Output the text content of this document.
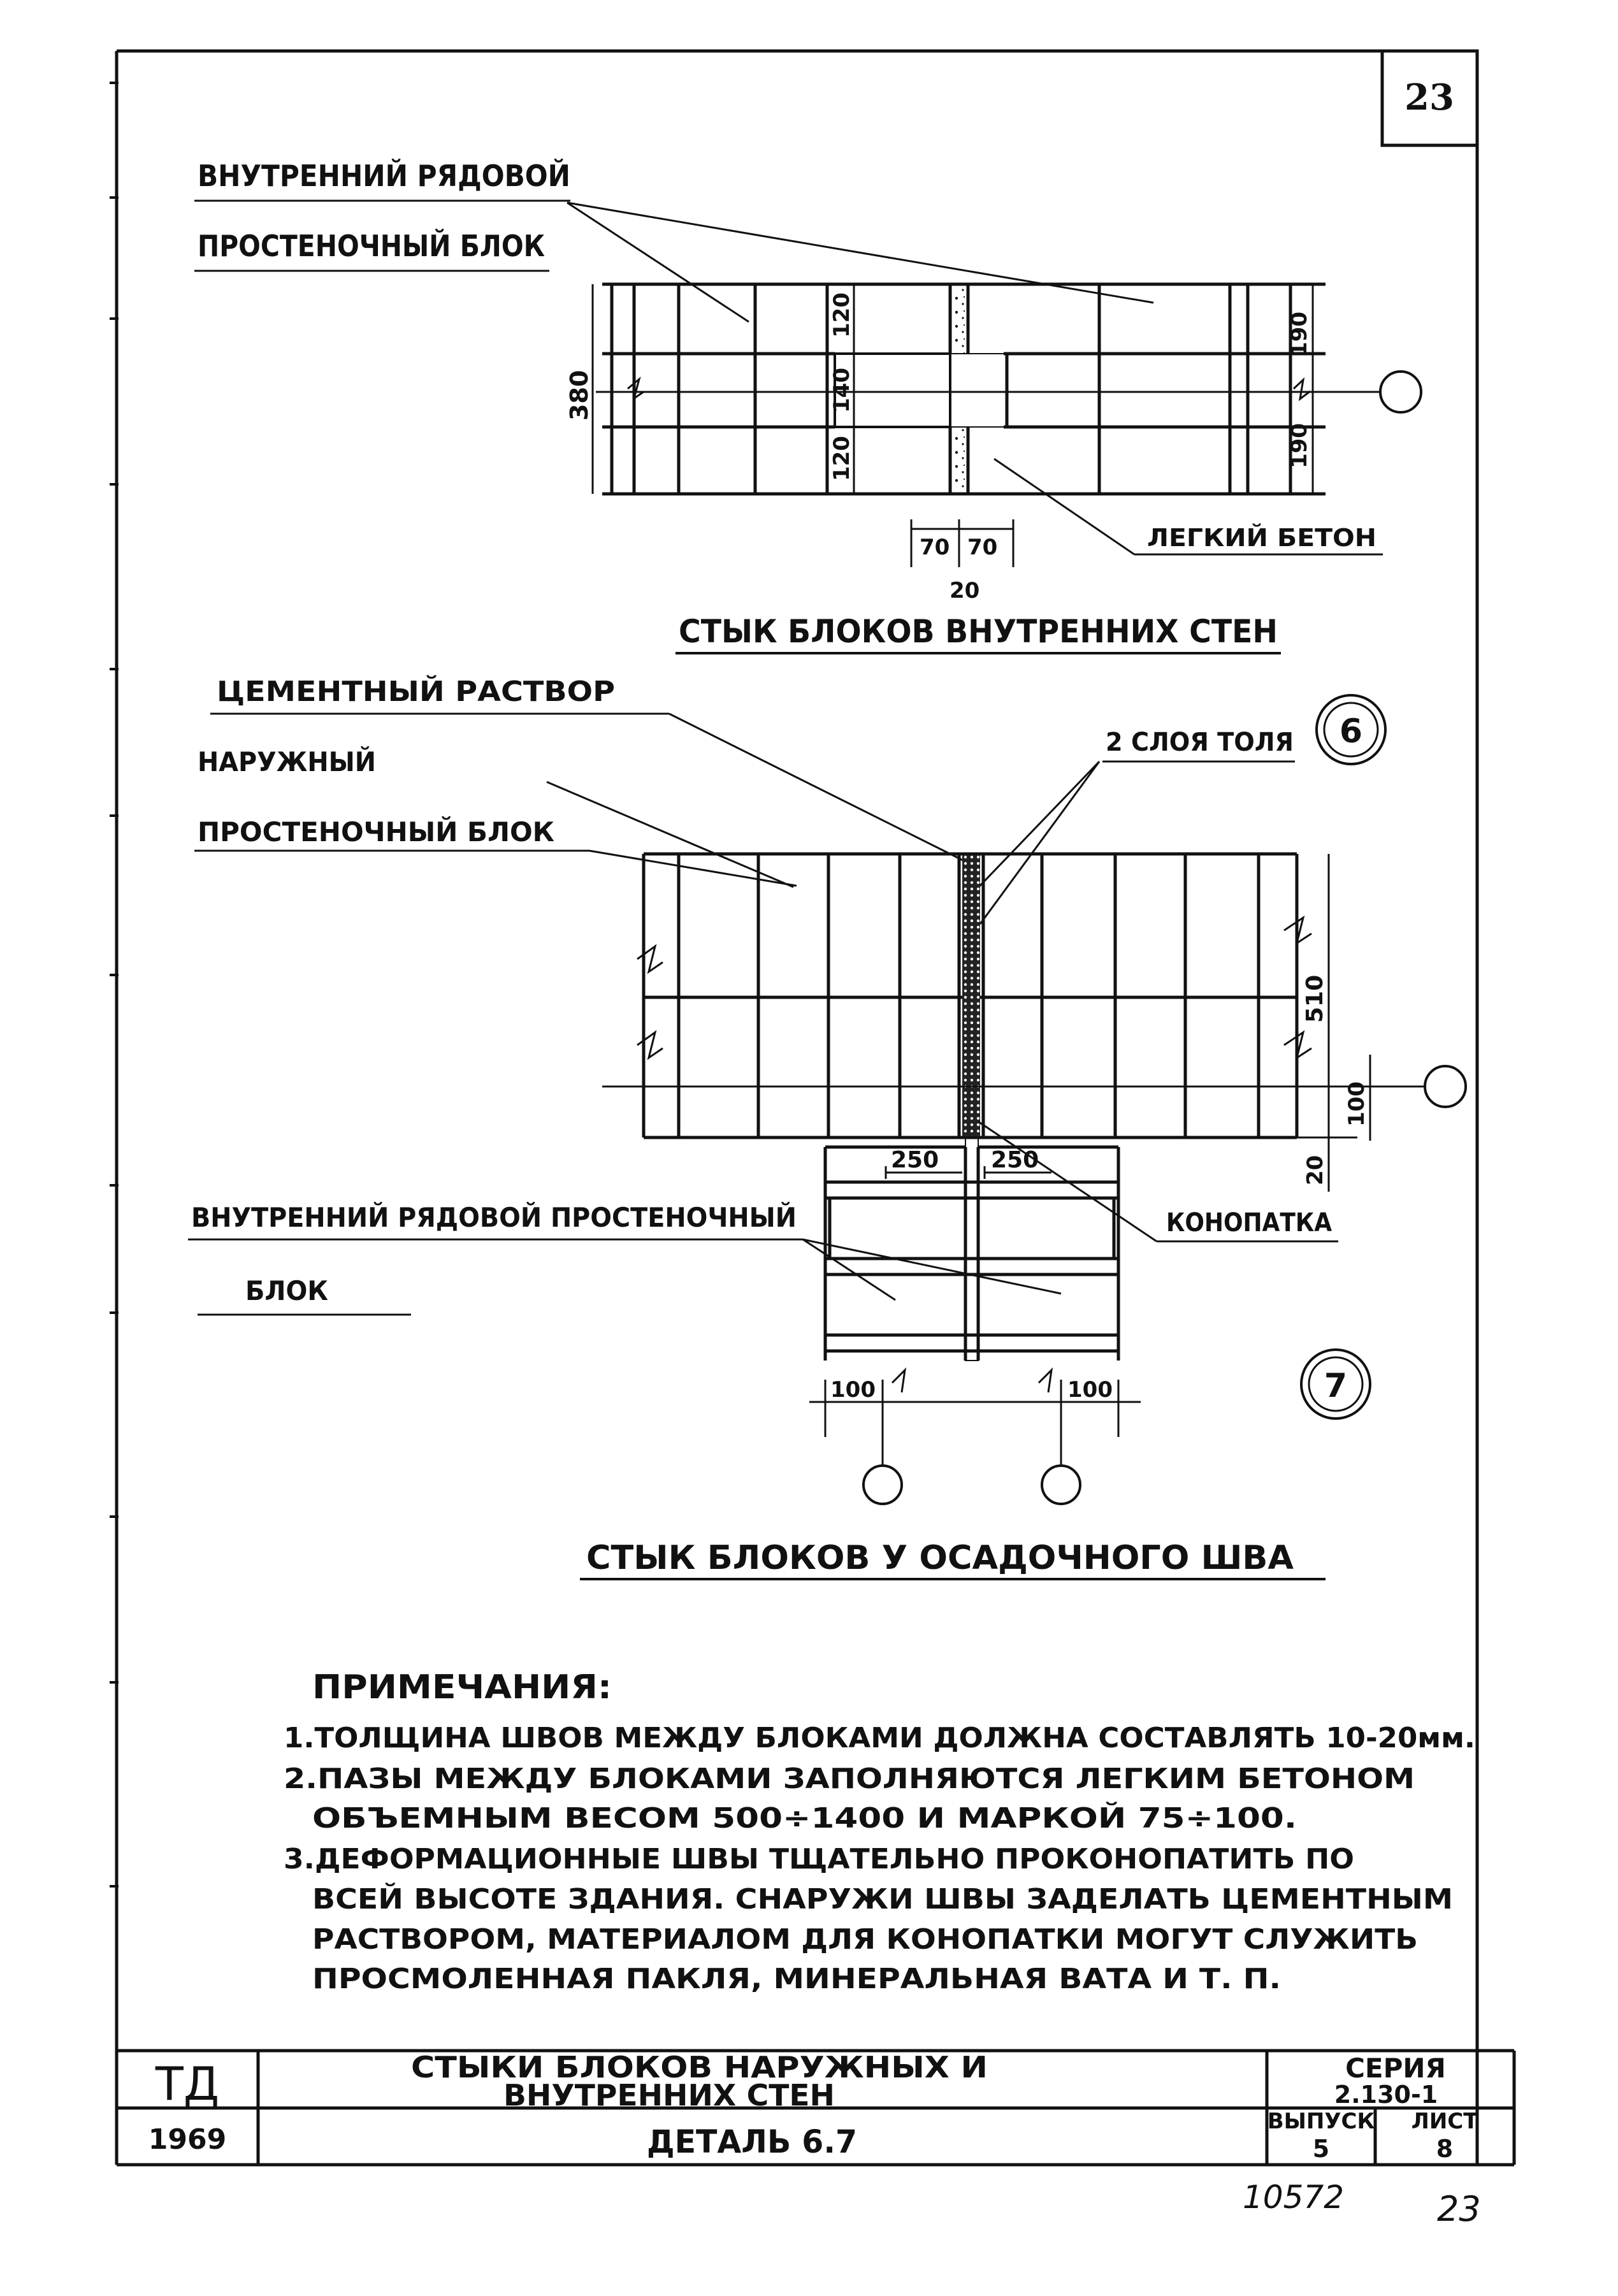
23
ВНУТРЕННИЙ РЯДОВОЙ
ПРОСТЕНОЧНЫЙ БЛОК
380
120
140
120
190
190
70 70
20
ЛЕГКИЙ БЕТОН
СТЫК БЛОКОВ ВНУТРЕННИХ СТЕН
ЦЕМЕНТНЫЙ РАСТВОР
НАРУЖНЫЙ
ПРОСТЕНОЧНЫЙ БЛОК
2 СЛОЯ ТОЛЯ 6
510
100
20
250 250
ВНУТРЕННИЙ РЯДОВОЙ ПРОСТЕНОЧНЫЙ
БЛОК
КОНОПАТКА
7
100	100
СТЫК БЛОКОВ У ОСАДОЧНОГО ШВА
ПРИМЕЧАНИЯ:
1.ТОЛЩИНА ШВОВ МЕЖДУ БЛОКАМИ ДОЛЖНА СОСТАВЛЯТЬ 10-20мм.
2.ПАЗЫ МЕЖДУ БЛОКАМИ ЗАПОЛНЯЮТСЯ ЛЕГКИМ БЕТОНОМ
ОБЪЕМНЫМ ВЕСОМ 500÷1400 И МАРКОЙ 75÷100.
3.ДЕФОРМАЦИОННЫЕ ШВЫ ТЩАТЕЛЬНО ПРОКОНОПАТИТЬ ПО
ВСЕЙ ВЫСОТЕ ЗДАНИЯ. СНАРУЖИ ШВЫ ЗАДЕЛАТЬ ЦЕМЕНТНЫМ
РАСТВОРОМ, МАТЕРИАЛОМ ДЛЯ КОНОПАТКИ МОГУТ СЛУЖИТЬ
ПРОСМОЛЕННАЯ ПАКЛЯ, МИНЕРАЛЬНАЯ ВАТА И Т. П.
ТД
1969
СТЫКИ БЛОКОВ НАРУЖНЫХ И
ВНУТРЕННИХ СТЕН
ДЕТАЛЬ 6.7
СЕРИЯ
2.130-1
ВЫПУСК
5
ЛИСТ
8
10572	23
